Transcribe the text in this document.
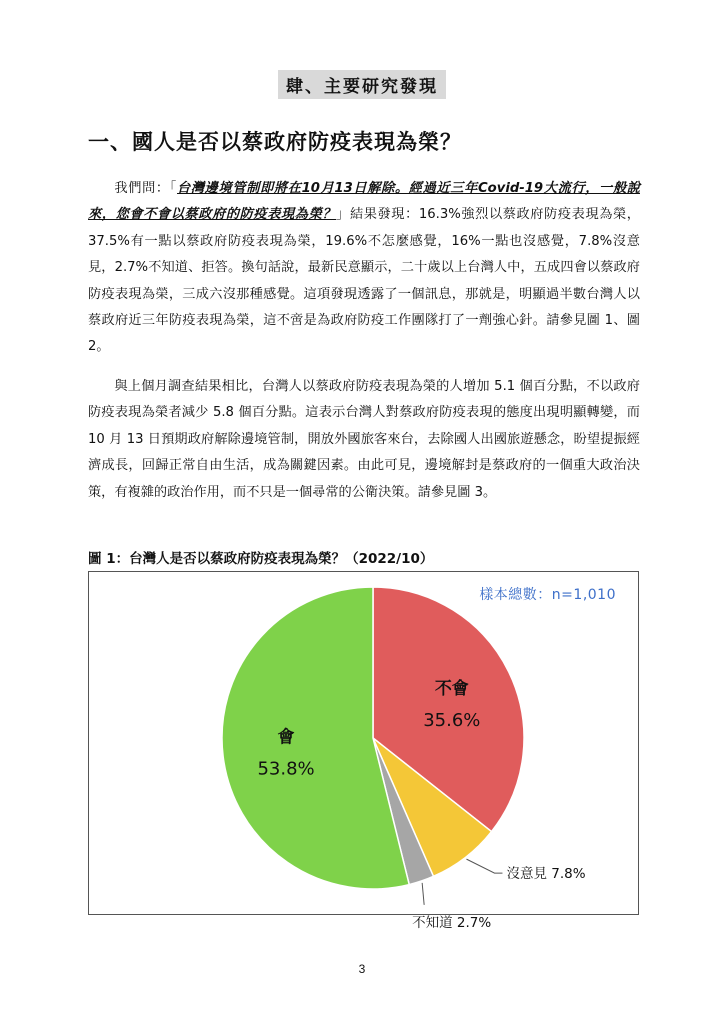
肆、主要研究發現
一、國人是否以蔡政府防疫表現為榮？

我們問：「台灣邊境管制即將在10月13日解除。經過近三年Covid-19大流行，一般說來，您會不會以蔡政府的防疫表現為榮？」結果發現：16.3%強烈以蔡政府防疫表現為榮，37.5%有一點以蔡政府防疫表現為榮，19.6%不怎麼感覺，16%一點也沒感覺，7.8%沒意見，2.7%不知道、拒答。換句話說，最新民意顯示，二十歲以上台灣人中，五成四會以蔡政府防疫表現為榮，三成六沒那種感覺。這項發現透露了一個訊息，那就是，明顯過半數台灣人以蔡政府近三年防疫表現為榮，這不啻是為政府防疫工作團隊打了一劑強心針。請參見圖 1、圖 2。

與上個月調查結果相比，台灣人以蔡政府防疫表現為榮的人增加 5.1 個百分點，不以政府防疫表現為榮者減少 5.8 個百分點。這表示台灣人對蔡政府防疫表現的態度出現明顯轉變，而 10 月 13 日預期政府解除邊境管制，開放外國旅客來台，去除國人出國旅遊懸念，盼望提振經濟成長，回歸正常自由生活，成為關鍵因素。由此可見，邊境解封是蔡政府的一個重大政治決策，有複雜的政治作用，而不只是一個尋常的公衛決策。請參見圖 3。

圖 1：台灣人是否以蔡政府防疫表現為榮？（2022/10）
不會
35.6%
沒意見 7.8%
不知道 2.7%
會
53.8%
樣本總數：n=1,010
3
